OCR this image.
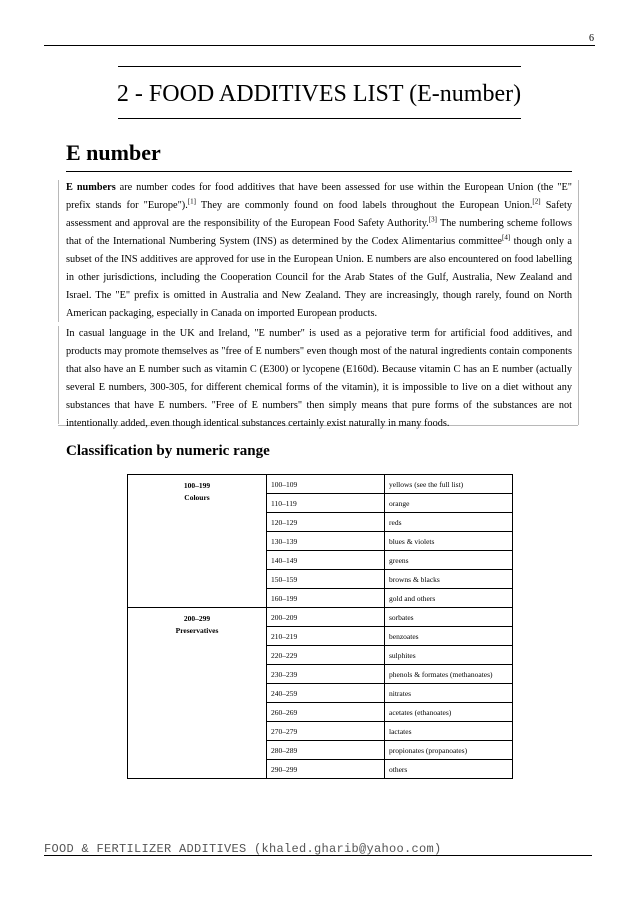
6
2 - FOOD ADDITIVES LIST (E-number)
E number
E numbers are number codes for food additives that have been assessed for use within the European Union (the "E" prefix stands for "Europe").[1] They are commonly found on food labels throughout the European Union.[2] Safety assessment and approval are the responsibility of the European Food Safety Authority.[3] The numbering scheme follows that of the International Numbering System (INS) as determined by the Codex Alimentarius committee[4] though only a subset of the INS additives are approved for use in the European Union. E numbers are also encountered on food labelling in other jurisdictions, including the Cooperation Council for the Arab States of the Gulf, Australia, New Zealand and Israel. The "E" prefix is omitted in Australia and New Zealand. They are increasingly, though rarely, found on North American packaging, especially in Canada on imported European products.
In casual language in the UK and Ireland, "E number" is used as a pejorative term for artificial food additives, and products may promote themselves as "free of E numbers" even though most of the natural ingredients contain components that also have an E number such as vitamin C (E300) or lycopene (E160d). Because vitamin C has an E number (actually several E numbers, 300-305, for different chemical forms of the vitamin), it is impossible to live on a diet without any substances that have E numbers. "Free of E numbers" then simply means that pure forms of the substances are not intentionally added, even though identical substances certainly exist naturally in many foods.
Classification by numeric range
100–199
Colours	100–109	yellows (see the full list)
	110–119	orange
	120–129	reds
	130–139	blues & violets
	140–149	greens
	150–159	browns & blacks
	160–199	gold and others

200–299
Preservatives	200–209	sorbates
	210–219	benzoates
	220–229	sulphites
	230–239	phenols & formates (methanoates)
	240–259	nitrates
	260–269	acetates (ethanoates)
	270–279	lactates
	280–289	propionates (propanoates)
	290–299	others
FOOD & FERTILIZER ADDITIVES (khaled.gharib@yahoo.com)
